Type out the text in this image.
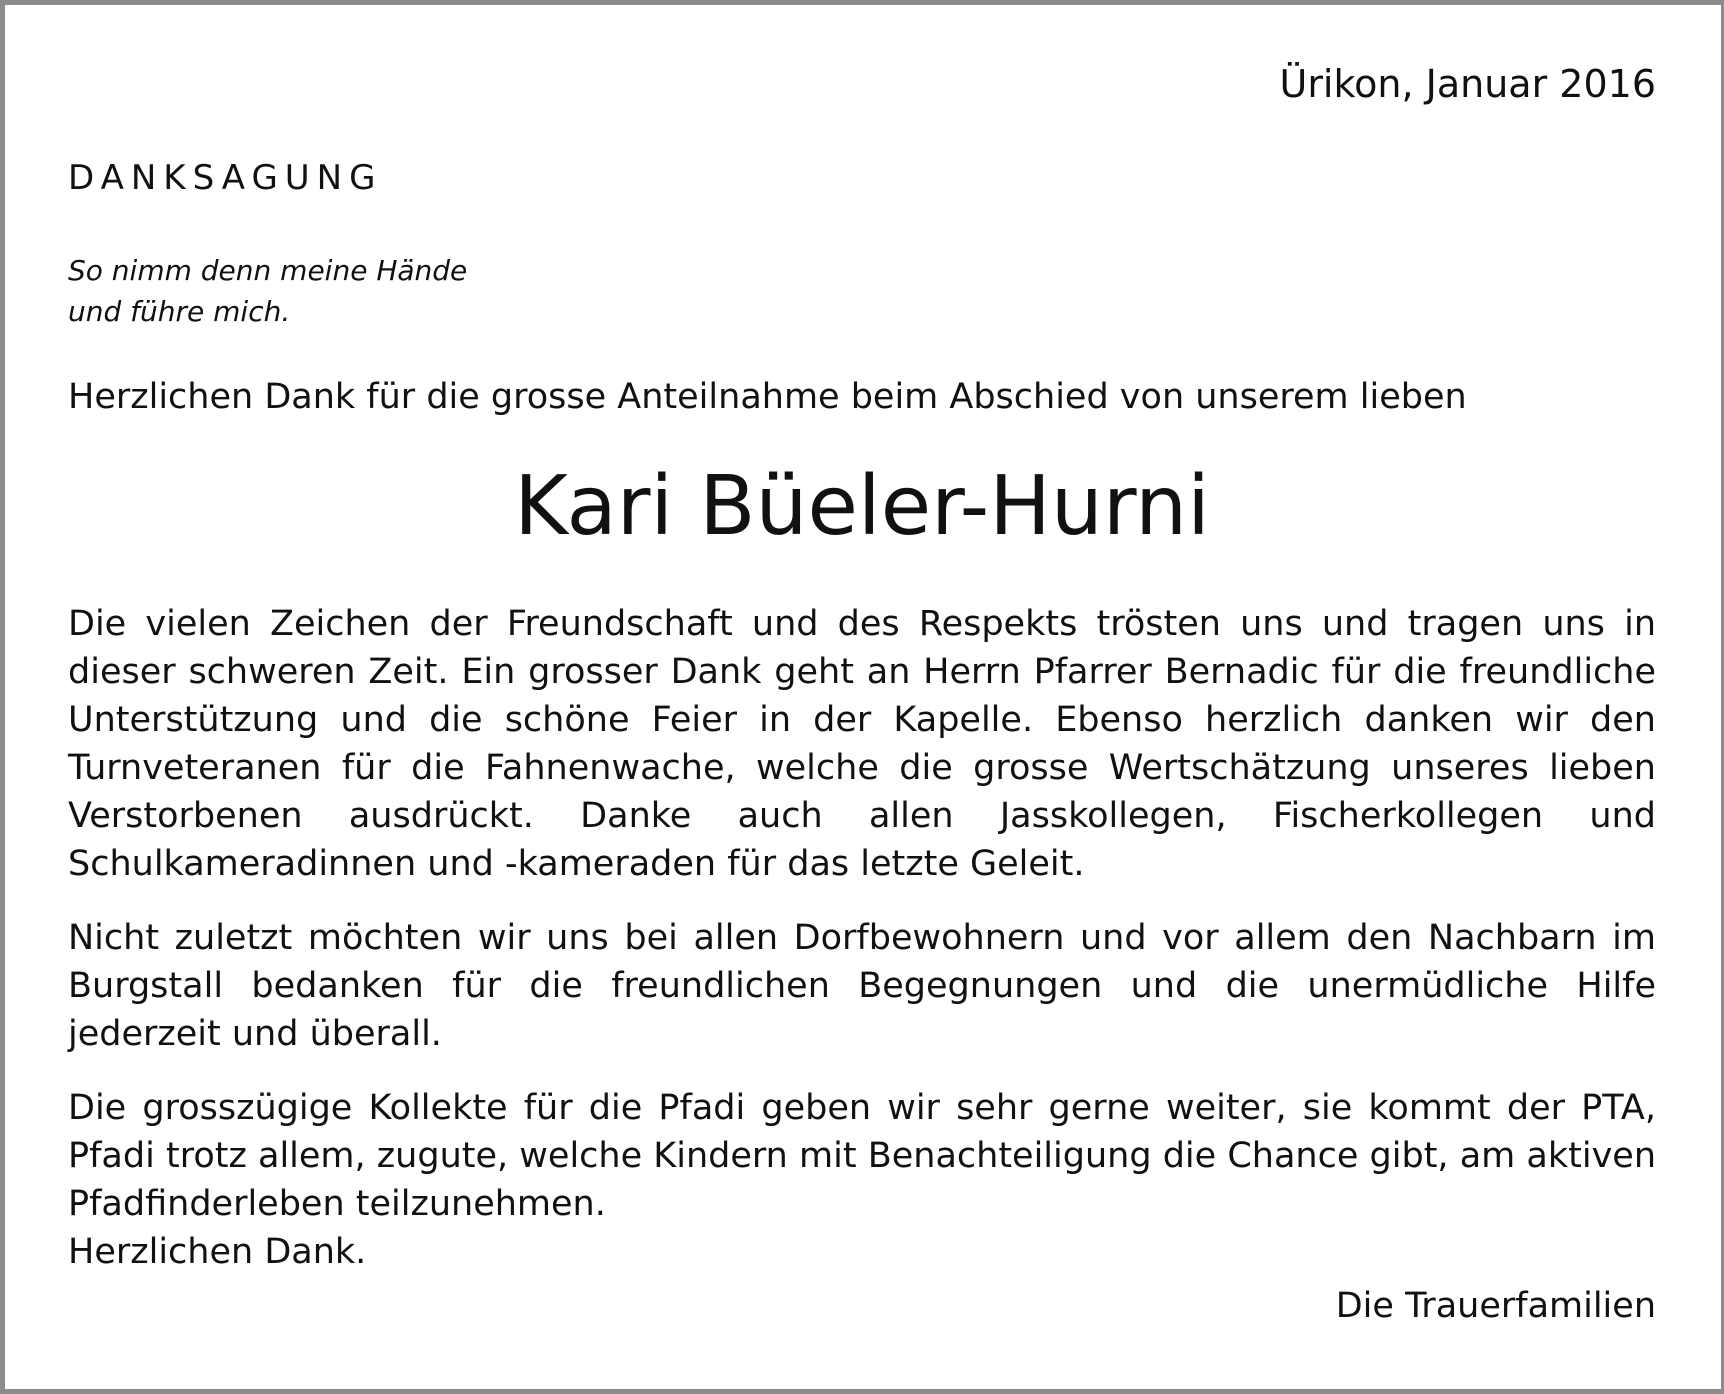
Ürikon, Januar 2016
DANKSAGUNG
So nimm denn meine Hände
und führe mich.
Herzlichen Dank für die grosse Anteilnahme beim Abschied von unserem lieben
Kari Büeler-Hurni

Die vielen Zeichen der Freundschaft und des Respekts trösten uns und tragen uns in dieser schweren Zeit. Ein grosser Dank geht an Herrn Pfarrer Bernadic für die freundliche Unterstützung und die schöne Feier in der Kapelle. Ebenso herzlich danken wir den Turnveteranen für die Fahnenwache, welche die grosse Wertschätzung unseres lieben Verstorbenen ausdrückt. Danke auch allen Jasskollegen, Fischerkollegen und Schulkameradinnen und -kameraden für das letzte Geleit.

Nicht zuletzt möchten wir uns bei allen Dorfbewohnern und vor allem den Nachbarn im Burgstall bedanken für die freundlichen Begegnungen und die unermüdliche Hilfe jederzeit und überall.

Die grosszügige Kollekte für die Pfadi geben wir sehr gerne weiter, sie kommt der PTA, Pfadi trotz allem, zugute, welche Kindern mit Benachteiligung die Chance gibt, am aktiven Pfadfinderleben teilzunehmen.
Herzlichen Dank.

Die Trauerfamilien
